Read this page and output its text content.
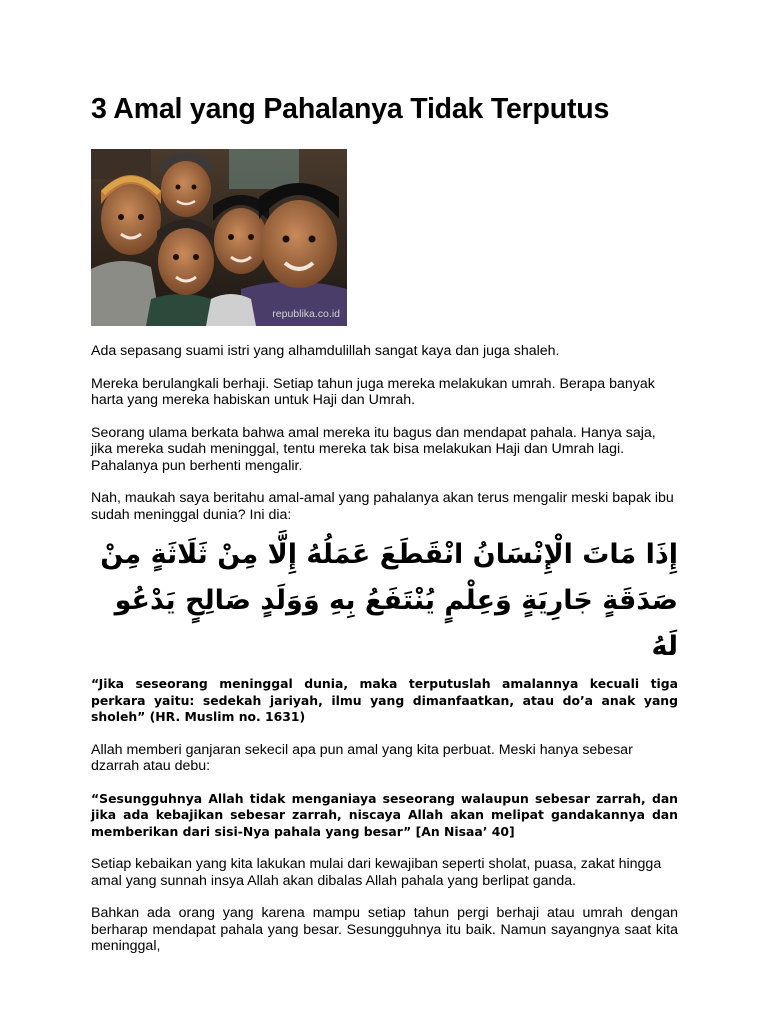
3 Amal yang Pahalanya Tidak Terputus
republika.co.id

Ada sepasang suami istri yang alhamdulillah sangat kaya dan juga shaleh.

Mereka berulangkali berhaji. Setiap tahun juga mereka melakukan umrah. Berapa banyak harta yang mereka habiskan untuk Haji dan Umrah.

Seorang ulama berkata bahwa amal mereka itu bagus dan mendapat pahala. Hanya saja, jika mereka sudah meninggal, tentu mereka tak bisa melakukan Haji dan Umrah lagi. Pahalanya pun berhenti mengalir.

Nah, maukah saya beritahu amal-amal yang pahalanya akan terus mengalir meski bapak ibu sudah meninggal dunia? Ini dia:

إِذَا مَاتَ الْإِنْسَانُ انْقَطَعَ عَمَلُهُ إِلَّا مِنْ ثَلَاثَةٍ مِنْ صَدَقَةٍ جَارِيَةٍ وَعِلْمٍ يُنْتَفَعُ بِهِ وَوَلَدٍ صَالِحٍ يَدْعُو لَهُ

“Jika seseorang meninggal dunia, maka terputuslah amalannya kecuali tiga perkara yaitu: sedekah jariyah, ilmu yang dimanfaatkan, atau do’a anak yang sholeh” (HR. Muslim no. 1631)

Allah memberi ganjaran sekecil apa pun amal yang kita perbuat. Meski hanya sebesar dzarrah atau debu:

“Sesungguhnya Allah tidak menganiaya seseorang walaupun sebesar zarrah, dan jika ada kebajikan sebesar zarrah, niscaya Allah akan melipat gandakannya dan memberikan dari sisi-Nya pahala yang besar” [An Nisaa’ 40]

Setiap kebaikan yang kita lakukan mulai dari kewajiban seperti sholat, puasa, zakat hingga amal yang sunnah insya Allah akan dibalas Allah pahala yang berlipat ganda.

Bahkan ada orang yang karena mampu setiap tahun pergi berhaji atau umrah dengan berharap mendapat pahala yang besar. Sesungguhnya itu baik. Namun sayangnya saat kita meninggal,
